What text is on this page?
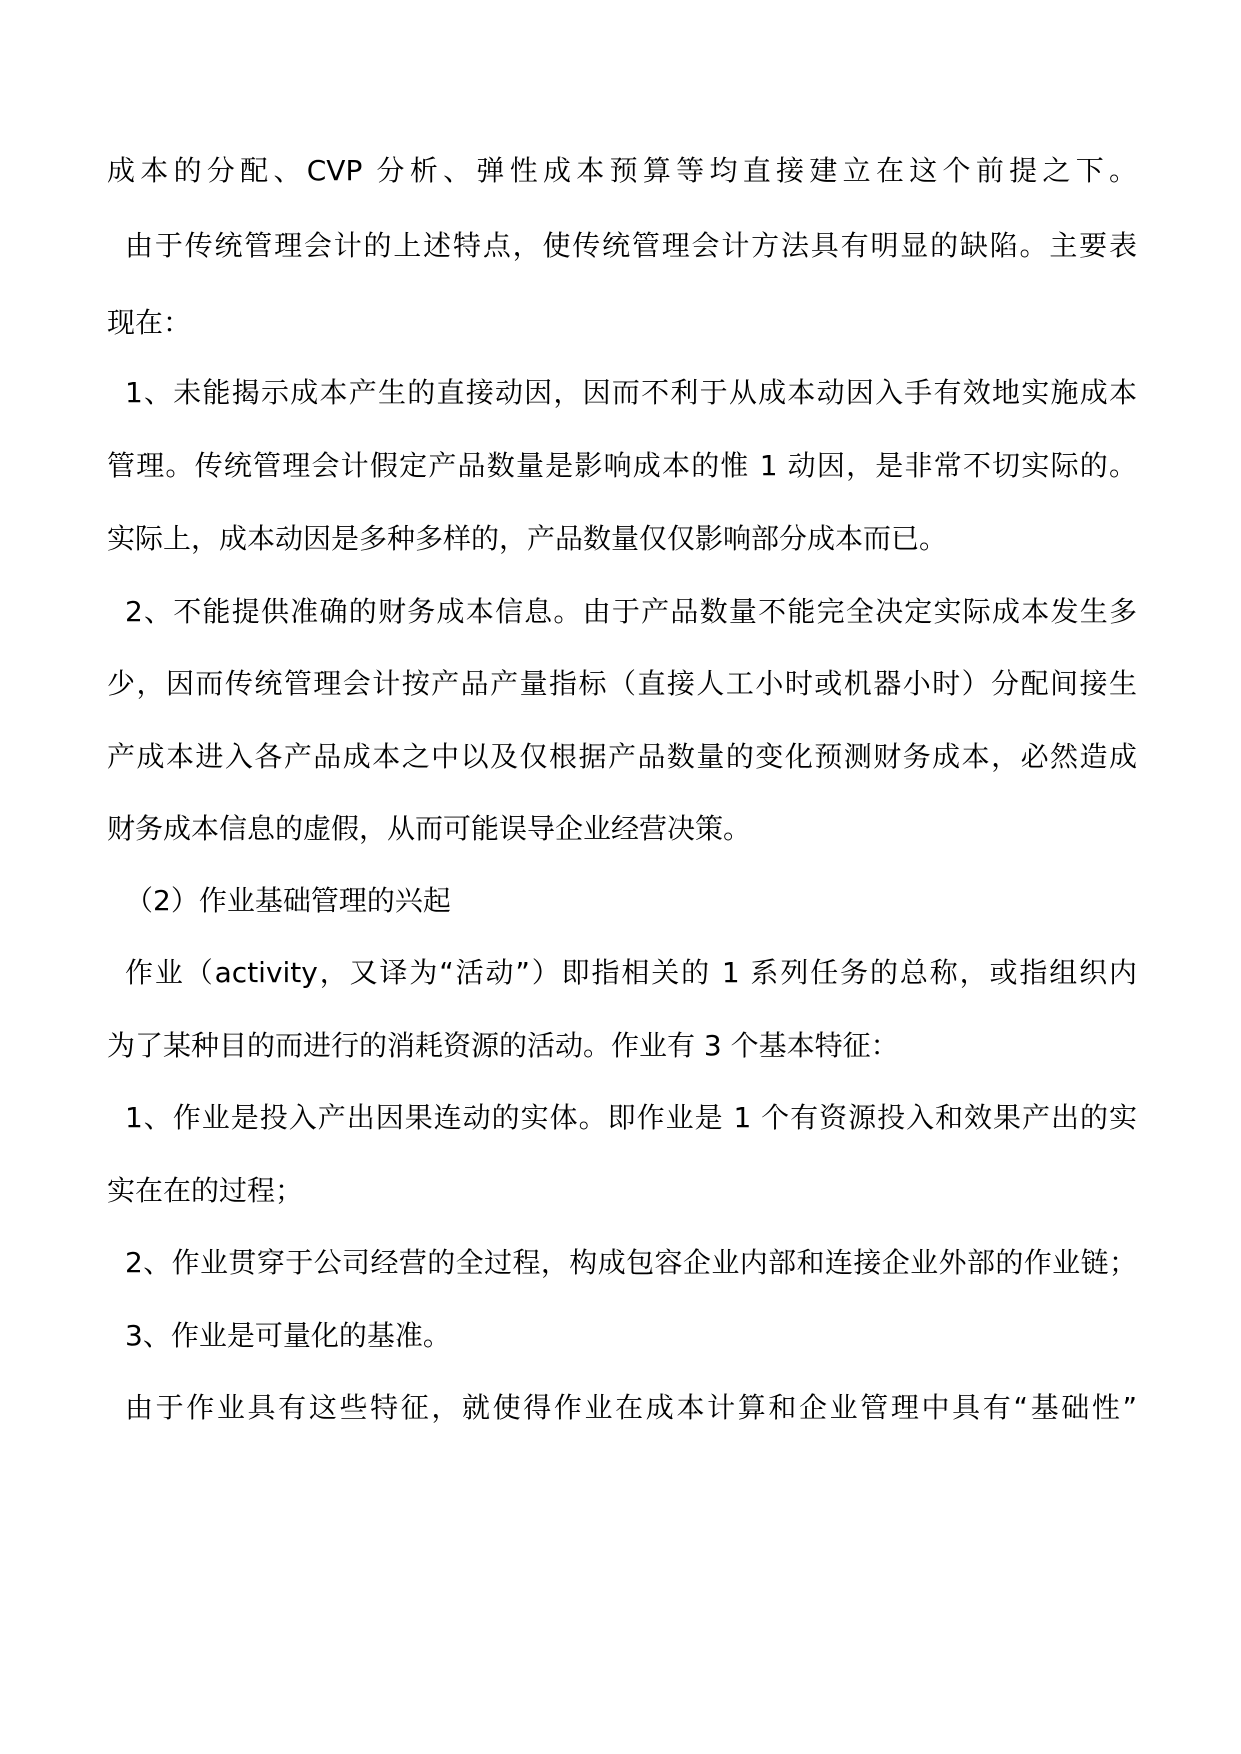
成本的分配、CVP 分析、弹性成本预算等均直接建立在这个前提之下。
由于传统管理会计的上述特点，使传统管理会计方法具有明显的缺陷。主要表
现在：
1、未能揭示成本产生的直接动因，因而不利于从成本动因入手有效地实施成本
管理。传统管理会计假定产品数量是影响成本的惟 1 动因，是非常不切实际的。
实际上，成本动因是多种多样的，产品数量仅仅影响部分成本而已。
2、不能提供准确的财务成本信息。由于产品数量不能完全决定实际成本发生多
少，因而传统管理会计按产品产量指标（直接人工小时或机器小时）分配间接生
产成本进入各产品成本之中以及仅根据产品数量的变化预测财务成本，必然造成
财务成本信息的虚假，从而可能误导企业经营决策。
（2）作业基础管理的兴起
作业（activity，又译为“活动”）即指相关的 1 系列任务的总称，或指组织内
为了某种目的而进行的消耗资源的活动。作业有 3 个基本特征：
1、作业是投入产出因果连动的实体。即作业是 1 个有资源投入和效果产出的实
实在在的过程；
2、作业贯穿于公司经营的全过程，构成包容企业内部和连接企业外部的作业链；
3、作业是可量化的基准。
由于作业具有这些特征，就使得作业在成本计算和企业管理中具有“基础性”
